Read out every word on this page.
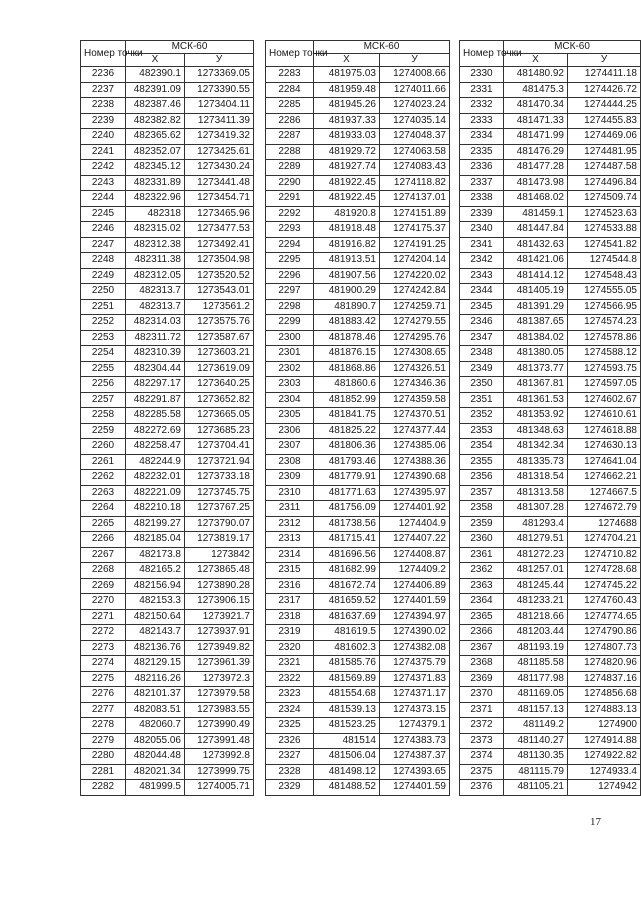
Номер точки	МСК-60	
	X	У
2236	482390.1	1273369.05
2237	482391.09	1273390.55
2238	482387.46	1273404.11
2239	482382.82	1273411.39
2240	482365.62	1273419.32
2241	482352.07	1273425.61
2242	482345.12	1273430.24
2243	482331.89	1273441.48
2244	482322.96	1273454.71
2245	482318	1273465.96
2246	482315.02	1273477.53
2247	482312.38	1273492.41
2248	482311.38	1273504.98
2249	482312.05	1273520.52
2250	482313.7	1273543.01
2251	482313.7	1273561.2
2252	482314.03	1273575.76
2253	482311.72	1273587.67
2254	482310.39	1273603.21
2255	482304.44	1273619.09
2256	482297.17	1273640.25
2257	482291.87	1273652.82
2258	482285.58	1273665.05
2259	482272.69	1273685.23
2260	482258.47	1273704.41
2261	482244.9	1273721.94
2262	482232.01	1273733.18
2263	482221.09	1273745.75
2264	482210.18	1273767.25
2265	482199.27	1273790.07
2266	482185.04	1273819.17
2267	482173.8	1273842
2268	482165.2	1273865.48
2269	482156.94	1273890.28
2270	482153.3	1273906.15
2271	482150.64	1273921.7
2272	482143.7	1273937.91
2273	482136.76	1273949.82
2274	482129.15	1273961.39
2275	482116.26	1273972.3
2276	482101.37	1273979.58
2277	482083.51	1273983.55
2278	482060.7	1273990.49
2279	482055.06	1273991.48
2280	482044.48	1273992.8
2281	482021.34	1273999.75
2282	481999.5	1274005.71
Номер точки	МСК-60	
	X	У
2283	481975.03	1274008.66
2284	481959.48	1274011.66
2285	481945.26	1274023.24
2286	481937.33	1274035.14
2287	481933.03	1274048.37
2288	481929.72	1274063.58
2289	481927.74	1274083.43
2290	481922.45	1274118.82
2291	481922.45	1274137.01
2292	481920.8	1274151.89
2293	481918.48	1274175.37
2294	481916.82	1274191.25
2295	481913.51	1274204.14
2296	481907.56	1274220.02
2297	481900.29	1274242.84
2298	481890.7	1274259.71
2299	481883.42	1274279.55
2300	481878.46	1274295.76
2301	481876.15	1274308.65
2302	481868.86	1274326.51
2303	481860.6	1274346.36
2304	481852.99	1274359.58
2305	481841.75	1274370.51
2306	481825.22	1274377.44
2307	481806.36	1274385.06
2308	481793.46	1274388.36
2309	481779.91	1274390.68
2310	481771.63	1274395.97
2311	481756.09	1274401.92
2312	481738.56	1274404.9
2313	481715.41	1274407.22
2314	481696.56	1274408.87
2315	481682.99	1274409.2
2316	481672.74	1274406.89
2317	481659.52	1274401.59
2318	481637.69	1274394.97
2319	481619.5	1274390.02
2320	481602.3	1274382.08
2321	481585.76	1274375.79
2322	481569.89	1274371.83
2323	481554.68	1274371.17
2324	481539.13	1274373.15
2325	481523.25	1274379.1
2326	481514	1274383.73
2327	481506.04	1274387.37
2328	481498.12	1274393.65
2329	481488.52	1274401.59
Номер точки	МСК-60	
	X	У
2330	481480.92	1274411.18
2331	481475.3	1274426.72
2332	481470.34	1274444.25
2333	481471.33	1274455.83
2334	481471.99	1274469.06
2335	481476.29	1274481.95
2336	481477.28	1274487.58
2337	481473.98	1274496.84
2338	481468.02	1274509.74
2339	481459.1	1274523.63
2340	481447.84	1274533.88
2341	481432.63	1274541.82
2342	481421.06	1274544.8
2343	481414.12	1274548.43
2344	481405.19	1274555.05
2345	481391.29	1274566.95
2346	481387.65	1274574.23
2347	481384.02	1274578.86
2348	481380.05	1274588.12
2349	481373.77	1274593.75
2350	481367.81	1274597.05
2351	481361.53	1274602.67
2352	481353.92	1274610.61
2353	481348.63	1274618.88
2354	481342.34	1274630.13
2355	481335.73	1274641.04
2356	481318.54	1274662.21
2357	481313.58	1274667.5
2358	481307.28	1274672.79
2359	481293.4	1274688
2360	481279.51	1274704.21
2361	481272.23	1274710.82
2362	481257.01	1274728.68
2363	481245.44	1274745.22
2364	481233.21	1274760.43
2365	481218.66	1274774.65
2366	481203.44	1274790.86
2367	481193.19	1274807.73
2368	481185.58	1274820.96
2369	481177.98	1274837.16
2370	481169.05	1274856.68
2371	481157.13	1274883.13
2372	481149.2	1274900
2373	481140.27	1274914.88
2374	481130.35	1274922.82
2375	481115.79	1274933.4
2376	481105.21	1274942
17
